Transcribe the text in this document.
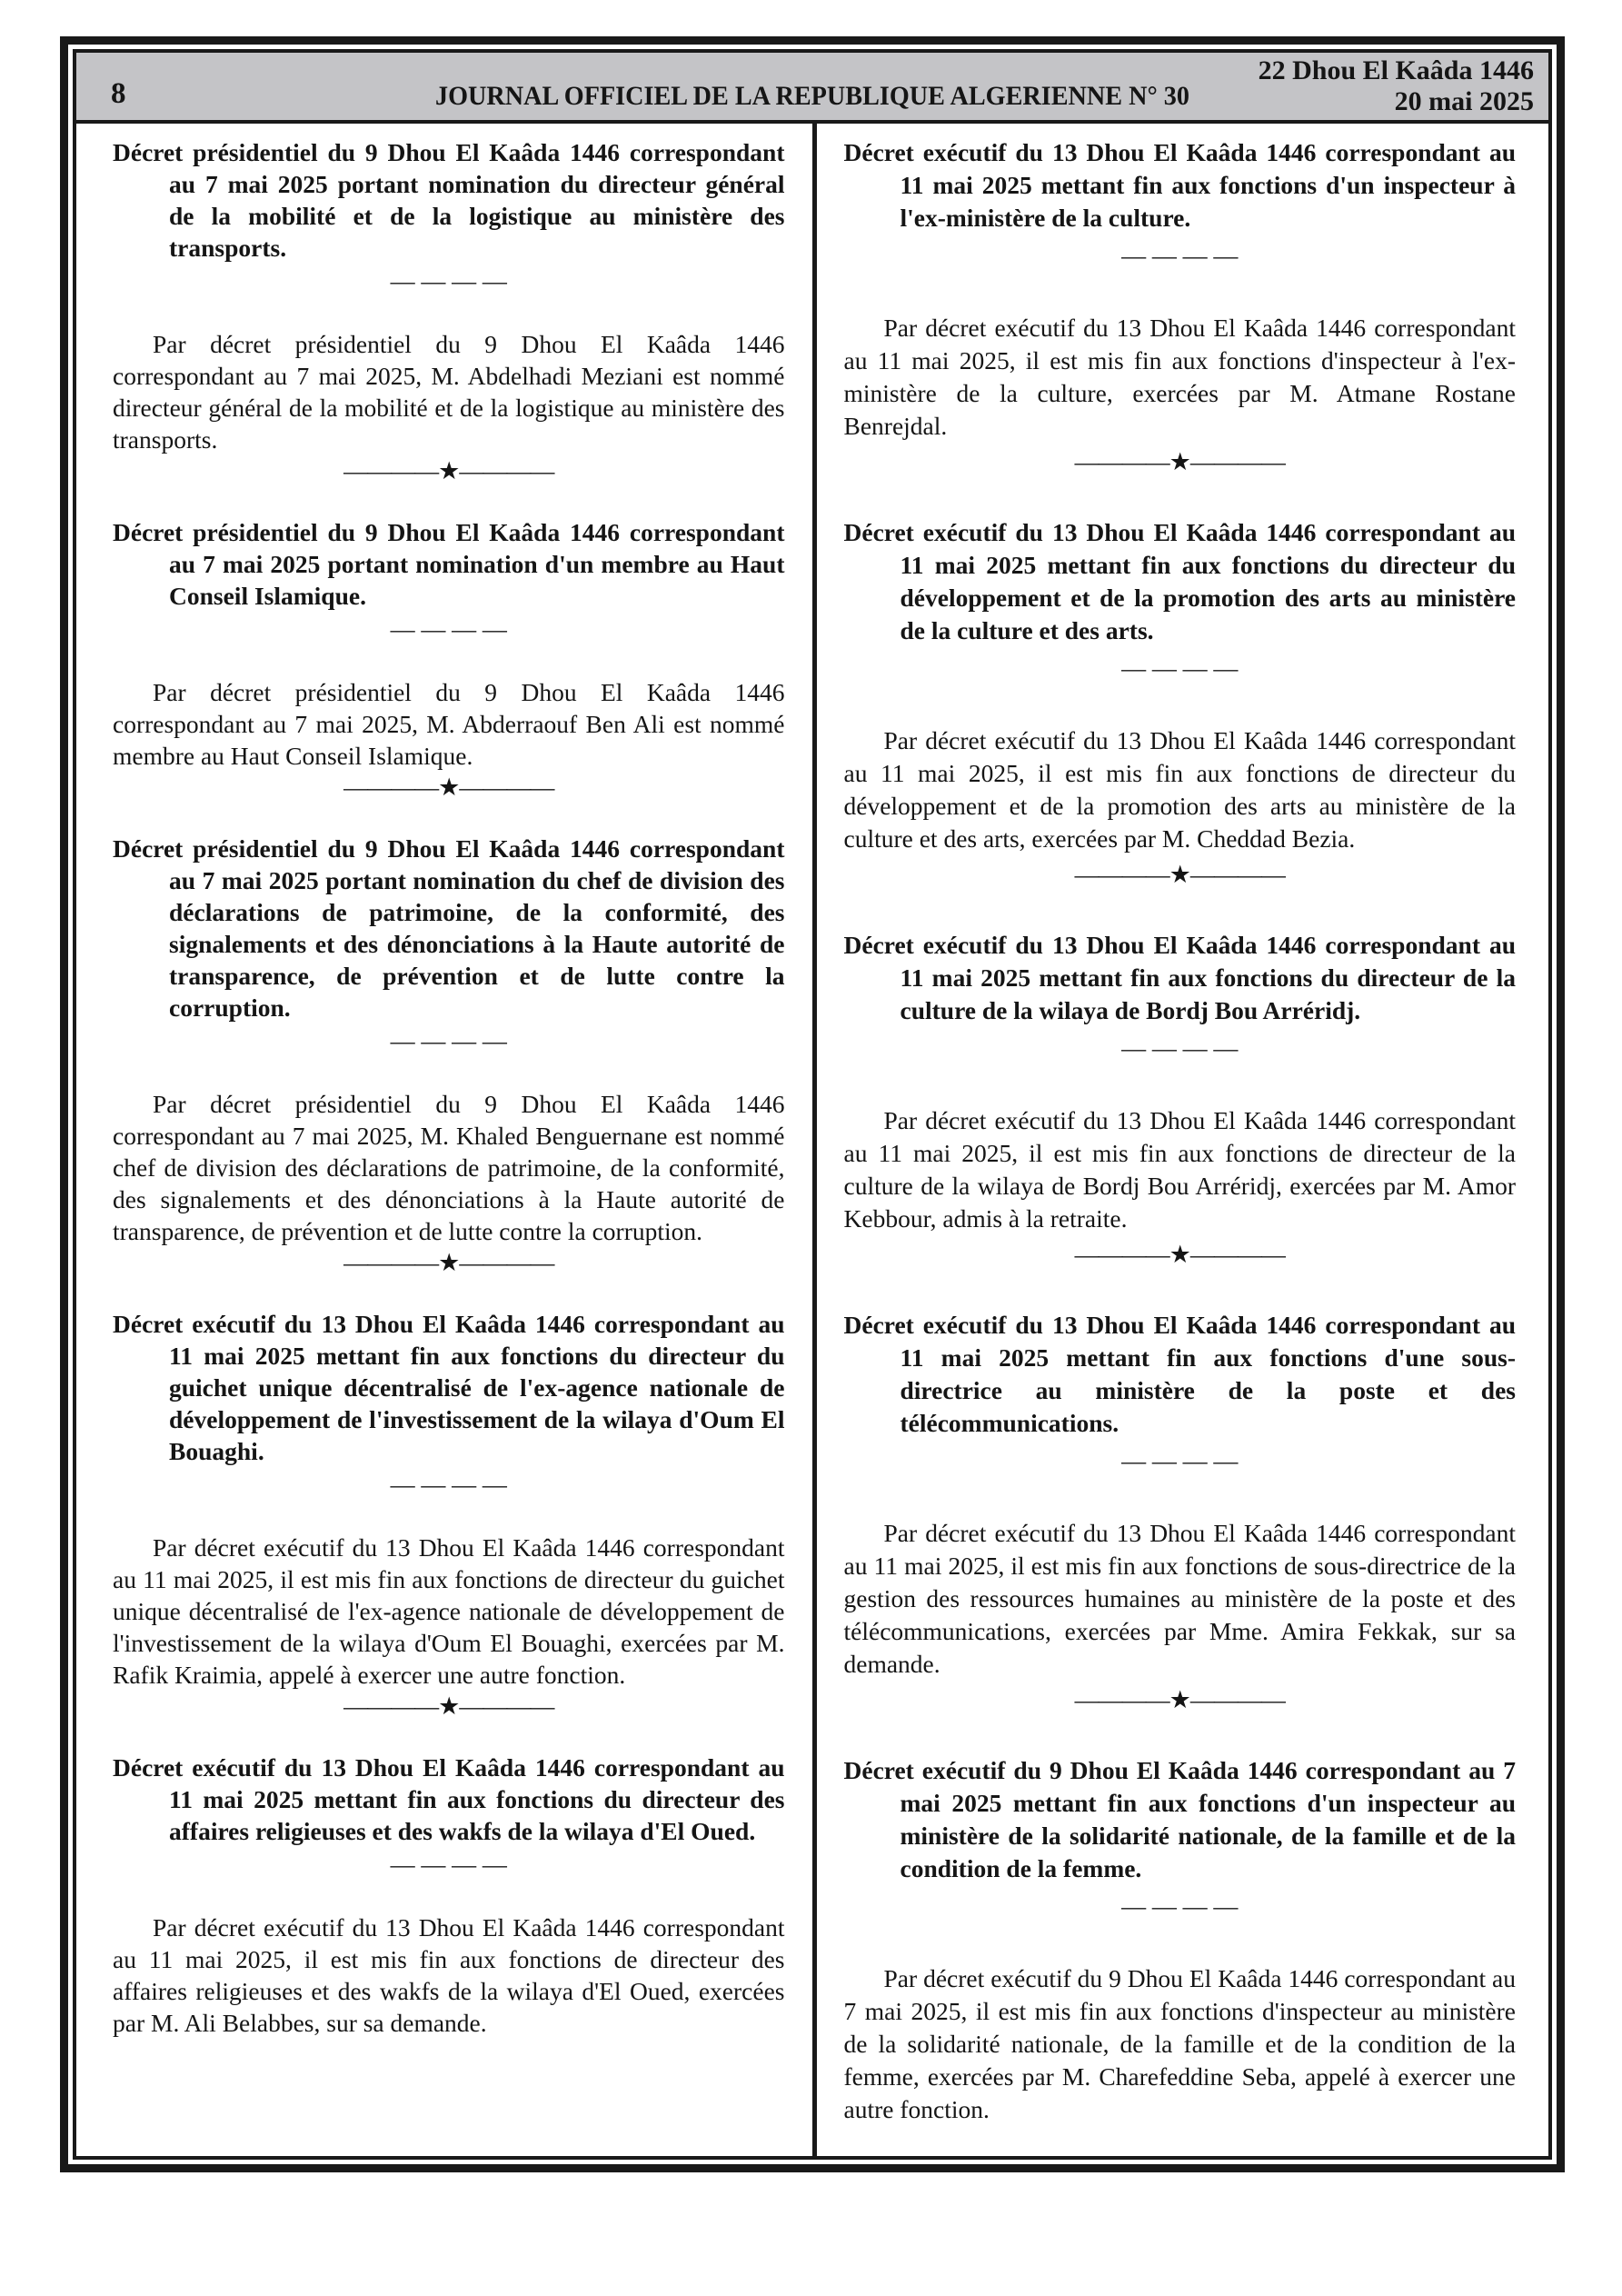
8	JOURNAL OFFICIEL DE LA REPUBLIQUE ALGERIENNE N° 30
22 Dhou El Kaâda 1446
20 mai 2025
Décret présidentiel du 9 Dhou El Kaâda 1446 correspondant au 7 mai 2025 portant nomination du directeur général de la mobilité et de la logistique au ministère des transports.
— — — —

Par décret présidentiel du 9 Dhou El Kaâda 1446 correspondant au 7 mai 2025, M. Abdelhadi Meziani est nommé directeur général de la mobilité et de la logistique au ministère des transports.

————★————
Décret présidentiel du 9 Dhou El Kaâda 1446 correspondant au 7 mai 2025 portant nomination d'un membre au Haut Conseil Islamique.
— — — —

Par décret présidentiel du 9 Dhou El Kaâda 1446 correspondant au 7 mai 2025, M. Abderraouf Ben Ali est nommé membre au Haut Conseil Islamique.

————★————
Décret présidentiel du 9 Dhou El Kaâda 1446 correspondant au 7 mai 2025 portant nomination du chef de division des déclarations de patrimoine, de la conformité, des signalements et des dénonciations à la Haute autorité de transparence, de prévention et de lutte contre la corruption.
— — — —

Par décret présidentiel du 9 Dhou El Kaâda 1446 correspondant au 7 mai 2025, M. Khaled Benguernane est nommé chef de division des déclarations de patrimoine, de la conformité, des signalements et des dénonciations à la Haute autorité de transparence, de prévention et de lutte contre la corruption.

————★————
Décret exécutif du 13 Dhou El Kaâda 1446 correspondant au 11 mai 2025 mettant fin aux fonctions du directeur du guichet unique décentralisé de l'ex-agence nationale de développement de l'investissement de la wilaya d'Oum El Bouaghi.
— — — —

Par décret exécutif du 13 Dhou El Kaâda 1446 correspondant au 11 mai 2025, il est mis fin aux fonctions de directeur du guichet unique décentralisé de l'ex-agence nationale de développement de l'investissement de la wilaya d'Oum El Bouaghi, exercées par M. Rafik Kraimia, appelé à exercer une autre fonction.

————★————
Décret exécutif du 13 Dhou El Kaâda 1446 correspondant au 11 mai 2025 mettant fin aux fonctions du directeur des affaires religieuses et des wakfs de la wilaya d'El Oued.
— — — —

Par décret exécutif du 13 Dhou El Kaâda 1446 correspondant au 11 mai 2025, il est mis fin aux fonctions de directeur des affaires religieuses et des wakfs de la wilaya d'El Oued, exercées par M. Ali Belabbes, sur sa demande.

Décret exécutif du 13 Dhou El Kaâda 1446 correspondant au 11 mai 2025 mettant fin aux fonctions d'un inspecteur à l'ex-ministère de la culture.
— — — —

Par décret exécutif du 13 Dhou El Kaâda 1446 correspondant au 11 mai 2025, il est mis fin aux fonctions d'inspecteur à l'ex-ministère de la culture, exercées par M. Atmane Rostane Benrejdal.

————★————
Décret exécutif du 13 Dhou El Kaâda 1446 correspondant au 11 mai 2025 mettant fin aux fonctions du directeur du développement et de la promotion des arts au ministère de la culture et des arts.
— — — —

Par décret exécutif du 13 Dhou El Kaâda 1446 correspondant au 11 mai 2025, il est mis fin aux fonctions de directeur du développement et de la promotion des arts au ministère de la culture et des arts, exercées par M. Cheddad Bezia.

————★————
Décret exécutif du 13 Dhou El Kaâda 1446 correspondant au 11 mai 2025 mettant fin aux fonctions du directeur de la culture de la wilaya de Bordj Bou Arréridj.
— — — —

Par décret exécutif du 13 Dhou El Kaâda 1446 correspondant au 11 mai 2025, il est mis fin aux fonctions de directeur de la culture de la wilaya de Bordj Bou Arréridj, exercées par M. Amor Kebbour, admis à la retraite.

————★————
Décret exécutif du 13 Dhou El Kaâda 1446 correspondant au 11 mai 2025 mettant fin aux fonctions d'une sous-directrice au ministère de la poste et des télécommunications.
— — — —

Par décret exécutif du 13 Dhou El Kaâda 1446 correspondant au 11 mai 2025, il est mis fin aux fonctions de sous-directrice de la gestion des ressources humaines au ministère de la poste et des télécommunications, exercées par Mme. Amira Fekkak, sur sa demande.

————★————
Décret exécutif du 9 Dhou El Kaâda 1446 correspondant au 7 mai 2025 mettant fin aux fonctions d'un inspecteur au ministère de la solidarité nationale, de la famille et de la condition de la femme.
— — — —

Par décret exécutif du 9 Dhou El Kaâda 1446 correspondant au 7 mai 2025, il est mis fin aux fonctions d'inspecteur au ministère de la solidarité nationale, de la famille et de la condition de la femme, exercées par M. Charefeddine Seba, appelé à exercer une autre fonction.
